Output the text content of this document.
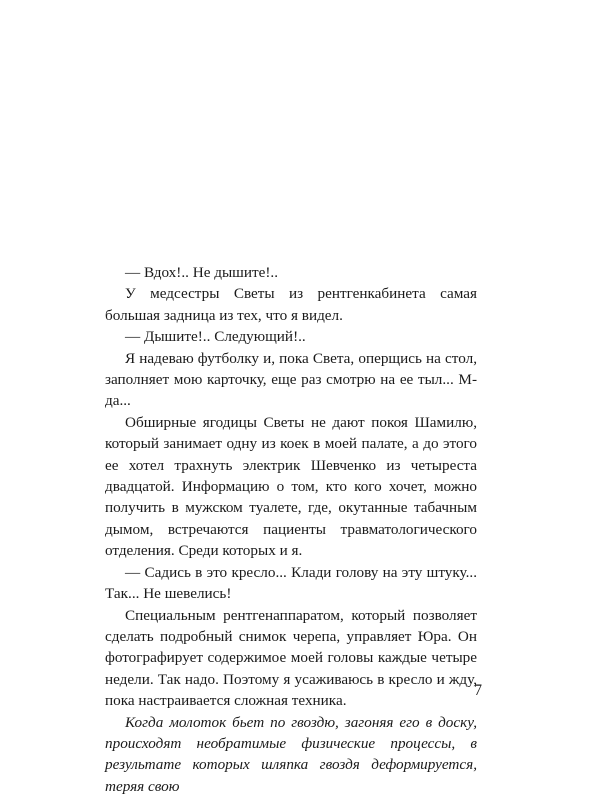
— Вдох!.. Не дышите!..

У медсестры Светы из рентгенкабинета самая большая задница из тех, что я видел.

— Дышите!.. Следующий!..

Я надеваю футболку и, пока Света, оперщись на стол, заполняет мою карточку, еще раз смотрю на ее тыл... М-да...

Обширные ягодицы Светы не дают покоя Шамилю, который занимает одну из коек в моей палате, а до этого ее хотел трахнуть электрик Шевченко из четыреста двадцатой. Информацию о том, кто кого хочет, можно получить в мужском туалете, где, окутанные табачным дымом, встречаются пациенты травматологического отделения. Среди которых и я.

— Садись в это кресло... Клади голову на эту штуку... Так... Не шевелись!

Специальным рентгенаппаратом, который позволяет сделать подробный снимок черепа, управляет Юра. Он фотографирует содержимое моей головы каждые четыре недели. Так надо. Поэтому я усаживаюсь в кресло и жду, пока настраивается сложная техника.

Когда молоток бьет по гвоздю, загоняя его в доску, происходят необратимые физические процессы, в результате которых шляпка гвоздя деформируется, теряя свою

7
